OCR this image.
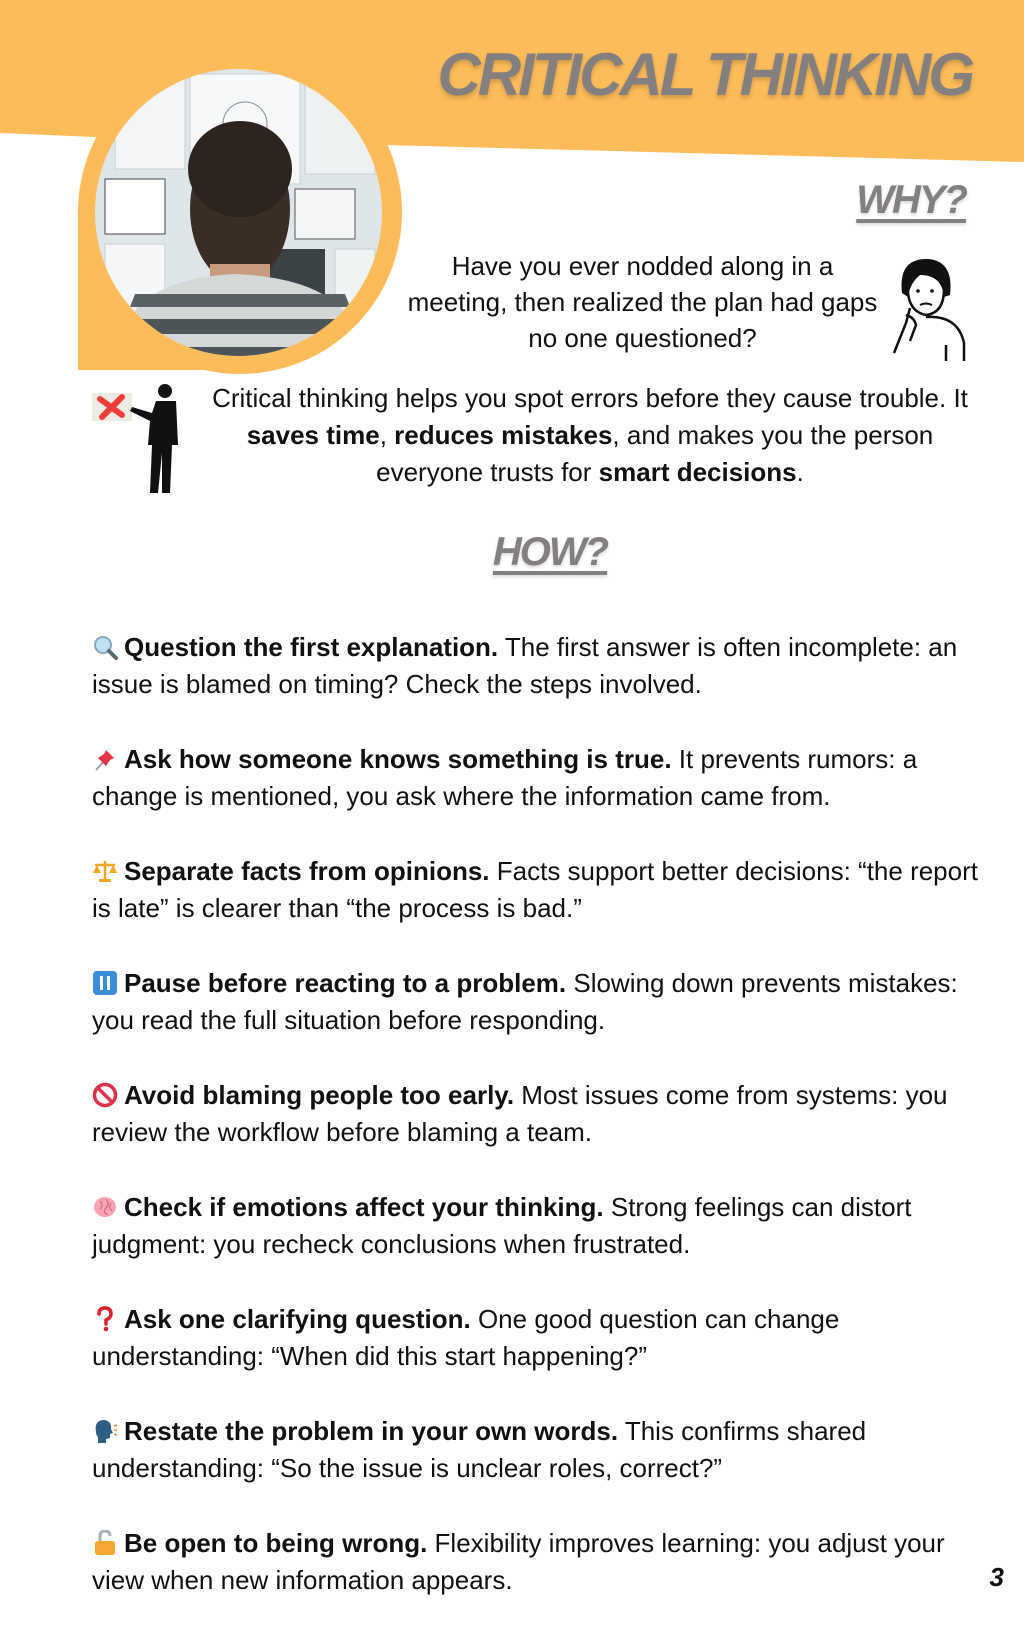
CRITICAL THINKING
WHY?
Have you ever nodded along in a meeting, then realized the plan had gaps no one questioned?
Critical thinking helps you spot errors before they cause trouble. It saves time, reduces mistakes, and makes you the person everyone trusts for smart decisions.
HOW?
Question the first explanation. The first answer is often incomplete: an issue is blamed on timing? Check the steps involved.
Ask how someone knows something is true. It prevents rumors: a change is mentioned, you ask where the information came from.
Separate facts from opinions. Facts support better decisions: “the report is late” is clearer than “the process is bad.”
Pause before reacting to a problem. Slowing down prevents mistakes: you read the full situation before responding.
Avoid blaming people too early. Most issues come from systems: you review the workflow before blaming a team.
Check if emotions affect your thinking. Strong feelings can distort judgment: you recheck conclusions when frustrated.
Ask one clarifying question. One good question can change understanding: “When did this start happening?”
Restate the problem in your own words. This confirms shared understanding: “So the issue is unclear roles, correct?”
Be open to being wrong. Flexibility improves learning: you adjust your view when new information appears.	3
